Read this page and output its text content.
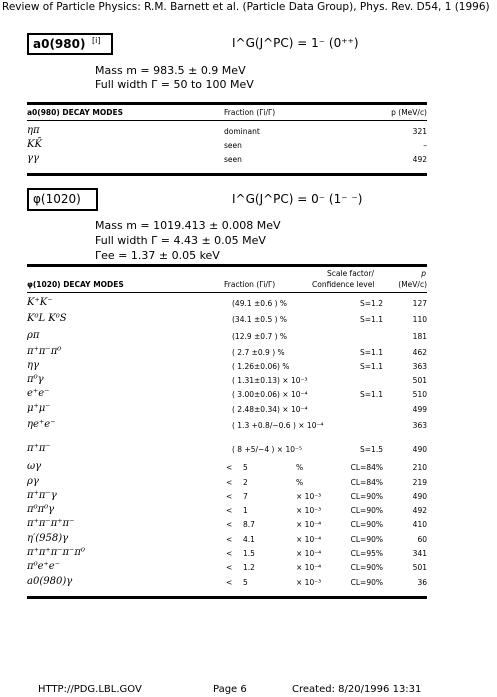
Review of Particle Physics: R.M. Barnett et al. (Particle Data Group), Phys. Rev. D54, 1 (1996)
a0(980) [i]	I^G(J^PC) = 1⁻ (0⁺⁺)
Mass m = 983.5 ± 0.9 MeV
Full width Γ = 50 to 100 MeV
a0(980) DECAY MODES	Fraction (Γi/Γ)	p (MeV/c)
ηπ	dominant	321
KK̄	seen	–
γγ	seen	492
φ(1020)	I^G(J^PC) = 0⁻ (1⁻ ⁻)
Mass m = 1019.413 ± 0.008 MeV
Full width Γ = 4.43 ± 0.05 MeV
Γee = 1.37 ± 0.05 keV
Scale factor/	p
φ(1020) DECAY MODES	Fraction (Γi/Γ)	Confidence level	(MeV/c)
K⁺K⁻	(49.1 ±0.6 ) %	S=1.2	127
K⁰L K⁰S	(34.1 ±0.5 ) %	S=1.1	110
ρπ	(12.9 ±0.7 ) %	181
π⁺π⁻π⁰	( 2.7 ±0.9 ) %	S=1.1	462
ηγ	( 1.26±0.06) %	S=1.1	363
π⁰γ	( 1.31±0.13) × 10⁻³	501
e⁺e⁻	( 3.00±0.06) × 10⁻⁴	S=1.1	510
μ⁺μ⁻	( 2.48±0.34) × 10⁻⁴	499
ηe⁺e⁻	( 1.3 +0.8/−0.6 ) × 10⁻⁴	363
π⁺π⁻	( 8 +5/−4 ) × 10⁻⁵	S=1.5	490
ωγ	< 5	%	CL=84%	210
ργ	< 2	%	CL=84%	219
π⁺π⁻γ	< 7	× 10⁻³	CL=90%	490
π⁰π⁰γ	< 1	× 10⁻³	CL=90%	492
π⁺π⁻π⁺π⁻	< 8.7	× 10⁻⁴	CL=90%	410
η′(958)γ	< 4.1	× 10⁻⁴	CL=90%	60
π⁺π⁺π⁻π⁻π⁰	< 1.5	× 10⁻⁴	CL=95%	341
π⁰e⁺e⁻	< 1.2	× 10⁻⁴	CL=90%	501
a0(980)γ	< 5	× 10⁻³	CL=90%	36
HTTP://PDG.LBL.GOV	Page 6	Created: 8/20/1996 13:31
